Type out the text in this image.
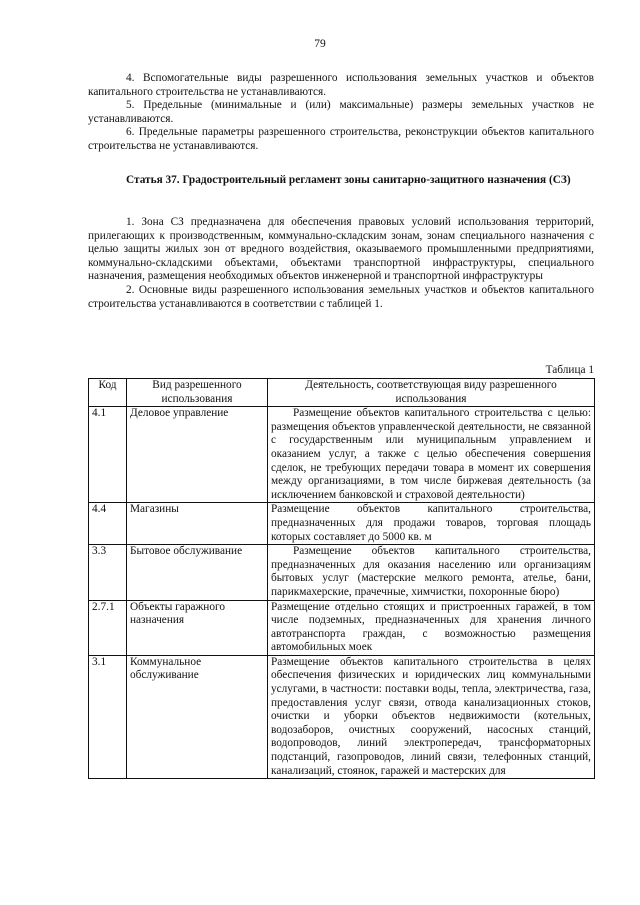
79

4. Вспомогательные виды разрешенного использования земельных участков и объектов капитального строительства не устанавливаются.

5. Предельные (минимальные и (или) максимальные) размеры земельных участков не устанавливаются.

6. Предельные параметры разрешенного строительства, реконструкции объектов капитального строительства не устанавливаются.

Статья 37. Градостроительный регламент зоны санитарно-защитного назначения (СЗ)

1. Зона СЗ предназначена для обеспечения правовых условий использования территорий, прилегающих к производственным, коммунально-складским зонам, зонам специального назначения с целью защиты жилых зон от вредного воздействия, оказываемого промышленными предприятиями, коммунально-складскими объектами, объектами транспортной инфраструктуры, специального назначения, размещения необходимых объектов инженерной и транспортной инфраструктуры

2. Основные виды разрешенного использования земельных участков и объектов капитального строительства устанавливаются в соответствии с таблицей 1.

Таблица 1
Код	Вид разрешенного использования	Деятельность, соответствующая виду разрешенного использования
4.1	Деловое управление	Размещение объектов капитального строительства с целью: размещения объектов управленческой деятельности, не связанной с государственным или муниципальным управлением и оказанием услуг, а также с целью обеспечения совершения сделок, не требующих передачи товара в момент их совершения между организациями, в том числе биржевая деятельность (за исключением банковской и страховой деятельности)
4.4	Магазины	Размещение объектов капитального строительства, предназначенных для продажи товаров, торговая площадь которых составляет до 5000 кв. м
3.3	Бытовое обслуживание	Размещение объектов капитального строительства, предназначенных для оказания населению или организациям бытовых услуг (мастерские мелкого ремонта, ателье, бани, парикмахерские, прачечные, химчистки, похоронные бюро)
2.7.1	Объекты гаражного назначения	Размещение отдельно стоящих и пристроенных гаражей, в том числе подземных, предназначенных для хранения личного автотранспорта граждан, с возможностью размещения автомобильных моек
3.1	Коммунальное обслуживание	Размещение объектов капитального строительства в целях обеспечения физических и юридических лиц коммунальными услугами, в частности: поставки воды, тепла, электричества, газа, предоставления услуг связи, отвода канализационных стоков, очистки и уборки объектов недвижимости (котельных, водозаборов, очистных сооружений, насосных станций, водопроводов, линий электропередач, трансформаторных подстанций, газопроводов, линий связи, телефонных станций, канализаций, стоянок, гаражей и мастерских для
